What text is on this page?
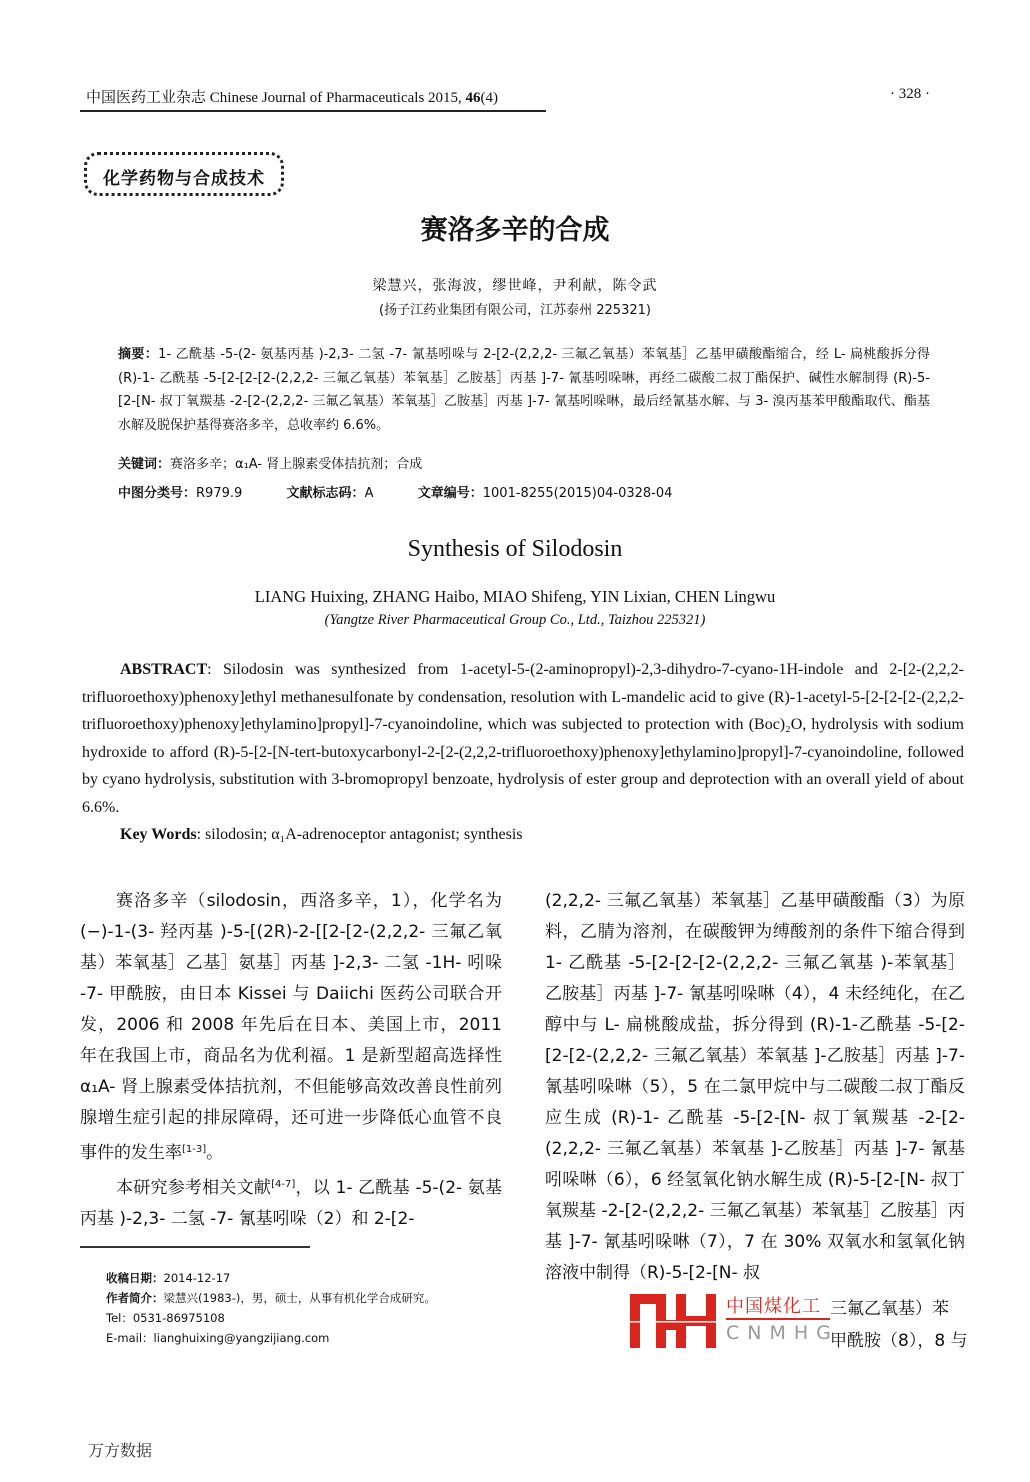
中国医药工业杂志 Chinese Journal of Pharmaceuticals 2015, 46(4)	· 328 ·
化学药物与合成技术
赛洛多辛的合成
梁慧兴，张海波，缪世峰，尹利献，陈令武
(扬子江药业集团有限公司，江苏泰州 225321)
摘要：1- 乙酰基 -5-(2- 氨基丙基 )-2,3- 二氢 -7- 氰基吲哚与 2-[2-(2,2,2- 三氟乙氧基）苯氧基］乙基甲磺酸酯缩合，经 L- 扁桃酸拆分得 (R)-1- 乙酰基 -5-[2-[2-[2-(2,2,2- 三氟乙氧基）苯氧基］乙胺基］丙基 ]-7- 氰基吲哚啉，再经二碳酸二叔丁酯保护、碱性水解制得 (R)-5-[2-[N- 叔丁氧羰基 -2-[2-(2,2,2- 三氟乙氧基）苯氧基］乙胺基］丙基 ]-7- 氰基吲哚啉，最后经氰基水解、与 3- 溴丙基苯甲酸酯取代、酯基水解及脱保护基得赛洛多辛，总收率约 6.6%。
关键词：赛洛多辛；α₁A- 肾上腺素受体拮抗剂；合成
中图分类号：R979.9	文献标志码：A	文章编号：1001-8255(2015)04-0328-04
Synthesis of Silodosin
LIANG Huixing, ZHANG Haibo, MIAO Shifeng, YIN Lixian, CHEN Lingwu
(Yangtze River Pharmaceutical Group Co., Ltd., Taizhou 225321)

ABSTRACT: Silodosin was synthesized from 1-acetyl-5-(2-aminopropyl)-2,3-dihydro-7-cyano-1H-indole and 2-[2-(2,2,2-trifluoroethoxy)phenoxy]ethyl methanesulfonate by condensation, resolution with L-mandelic acid to give (R)-1-acetyl-5-[2-[2-[2-(2,2,2-trifluoroethoxy)phenoxy]ethylamino]propyl]-7-cyanoindoline, which was subjected to protection with (Boc)₂O, hydrolysis with sodium hydroxide to afford (R)-5-[2-[N-tert-butoxycarbonyl-2-[2-(2,2,2-trifluoroethoxy)phenoxy]ethylamino]propyl]-7-cyanoindoline, followed by cyano hydrolysis, substitution with 3-bromopropyl benzoate, hydrolysis of ester group and deprotection with an overall yield of about 6.6%.

Key Words: silodosin; α₁A-adrenoceptor antagonist; synthesis

赛洛多辛（silodosin，西洛多辛，1），化学名为 (−)-1-(3- 羟丙基 )-5-[(2R)-2-[[2-[2-(2,2,2- 三氟乙氧基）苯氧基］乙基］氨基］丙基 ]-2,3- 二氢 -1H- 吲哚 -7- 甲酰胺，由日本 Kissei 与 Daiichi 医药公司联合开发，2006 和 2008 年先后在日本、美国上市，2011 年在我国上市，商品名为优利福。1 是新型超高选择性 α₁A- 肾上腺素受体拮抗剂，不但能够高效改善良性前列腺增生症引起的排尿障碍，还可进一步降低心血管不良事件的发生率[1-3]。

本研究参考相关文献[4-7]，以 1- 乙酰基 -5-(2- 氨基丙基 )-2,3- 二氢 -7- 氰基吲哚（2）和 2-[2-

(2,2,2- 三氟乙氧基）苯氧基］乙基甲磺酸酯（3）为原料，乙腈为溶剂，在碳酸钾为缚酸剂的条件下缩合得到 1- 乙酰基 -5-[2-[2-[2-(2,2,2- 三氟乙氧基 )-苯氧基］乙胺基］丙基 ]-7- 氰基吲哚啉（4），4 未经纯化，在乙醇中与 L- 扁桃酸成盐，拆分得到 (R)-1-乙酰基 -5-[2-[2-[2-(2,2,2- 三氟乙氧基）苯氧基 ]-乙胺基］丙基 ]-7- 氰基吲哚啉（5），5 在二氯甲烷中与二碳酸二叔丁酯反应生成 (R)-1- 乙酰基 -5-[2-[N- 叔丁氧羰基 -2-[2-(2,2,2- 三氟乙氧基）苯氧基 ]-乙胺基］丙基 ]-7- 氰基吲哚啉（6），6 经氢氧化钠水解生成 (R)-5-[2-[N- 叔丁氧羰基 -2-[2-(2,2,2- 三氟乙氧基）苯氧基］乙胺基］丙基 ]-7- 氰基吲哚啉（7），7 在 30% 双氧水和氢氧化钠溶液中制得（R)-5-[2-[N- 叔

收稿日期：2014-12-17
作者简介：梁慧兴(1983-)，男，硕士，从事有机化学合成研究。
Tel：0531-86975108
E-mail：lianghuixing@yangzijiang.com
中国煤化工
CNMHG
三氟乙氧基）苯
甲酰胺（8），8 与
万方数据
